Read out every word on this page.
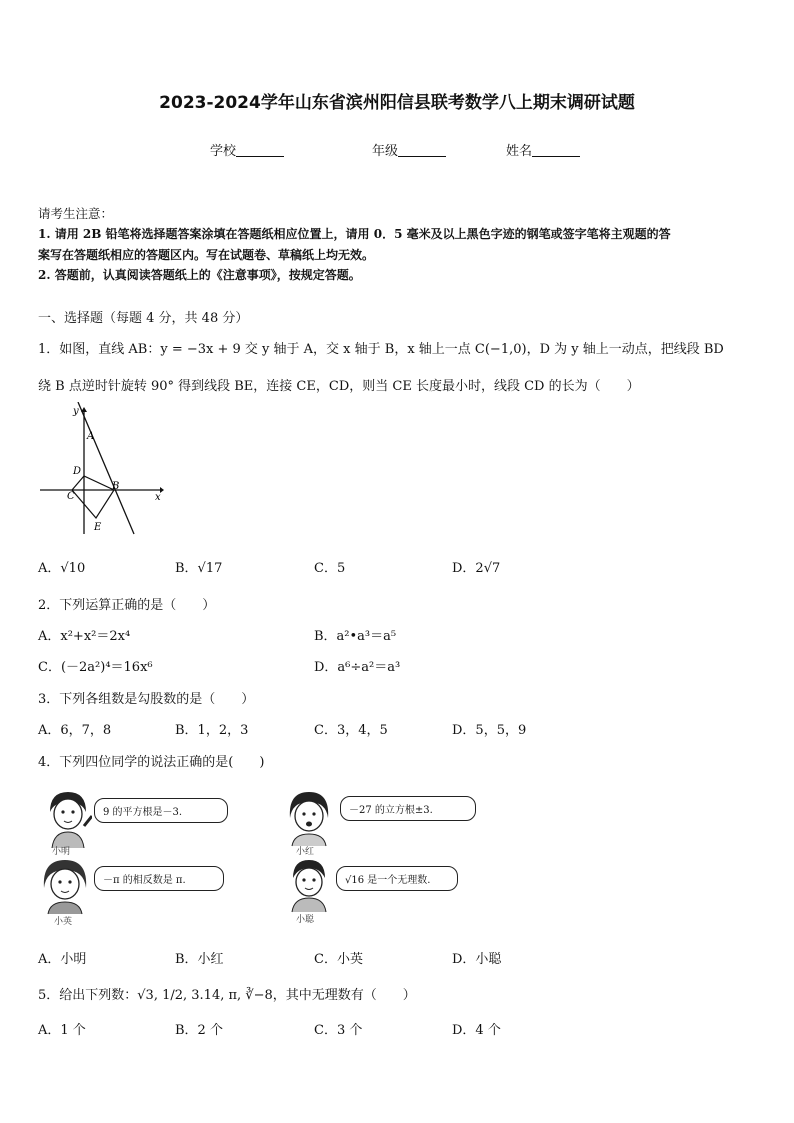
2023-2024学年山东省滨州阳信县联考数学八上期末调研试题
学校	年级	姓名
请考生注意：
1. 请用 2B 铅笔将选择题答案涂填在答题纸相应位置上，请用 0．5 毫米及以上黑色字迹的钢笔或签字笔将主观题的答
案写在答题纸相应的答题区内。写在试题卷、草稿纸上均无效。
2. 答题前，认真阅读答题纸上的《注意事项》，按规定答题。
一、选择题（每题 4 分，共 48 分）
1．如图，直线 AB：y = −3x + 9 交 y 轴于 A，交 x 轴于 B，x 轴上一点 C(−1,0)，D 为 y 轴上一动点，把线段 BD
绕 B 点逆时针旋转 90° 得到线段 BE，连接 CE，CD，则当 CE 长度最小时，线段 CD 的长为（　　）
y
x
A
B
C
D
E
A．√10	B．√17	C．5	D．2√7
2．下列运算正确的是（　　）
A．x²+x²＝2x⁴	B．a²•a³＝a⁵
C．(－2a²)⁴＝16x⁶	D．a⁶÷a²＝a³
3．下列各组数是勾股数的是（　　）
A．6，7，8	B．1，2，3	C．3，4，5	D．5，5，9
4．下列四位同学的说法正确的是(　　)
9 的平方根是－3.
小明
－27 的立方根±3.
小红
－π 的相反数是 π.
小英
√16 是一个无理数.
小聪
A．小明	B．小红	C．小英	D．小聪
5．给出下列数：√3, 1/2, 3.14, π, ∛−8，其中无理数有（　　）
A．1 个	B．2 个	C．3 个	D．4 个
